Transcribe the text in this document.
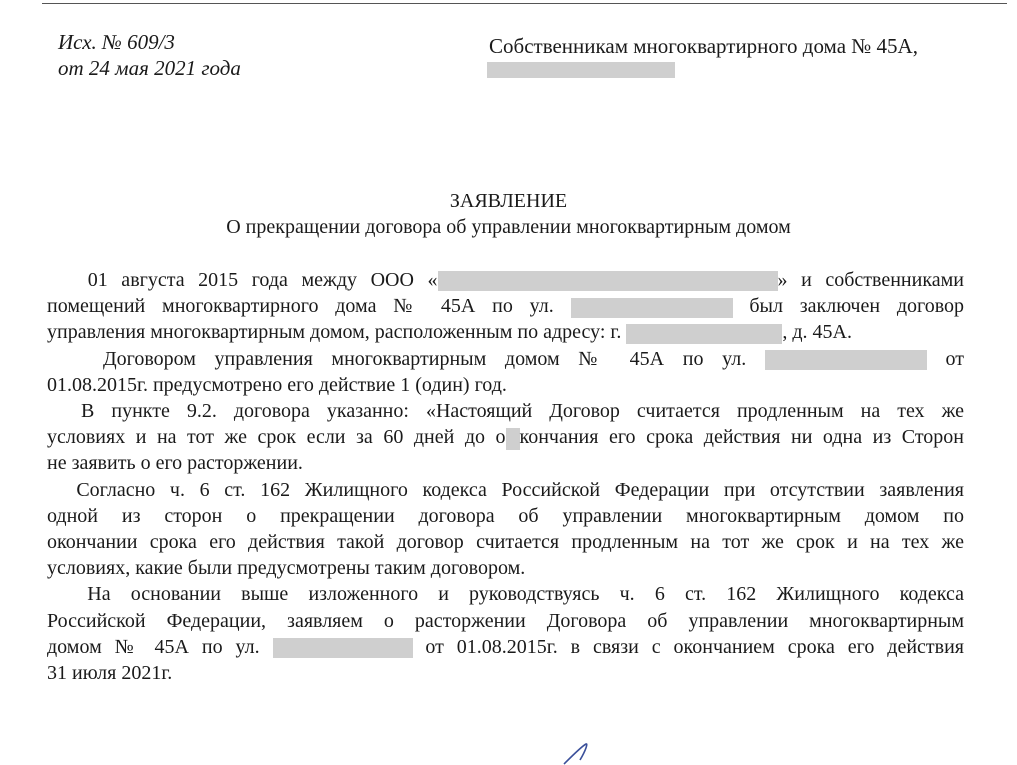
Исх. № 609/3
от 24 мая 2021 года
Собственникам многоквартирного дома № 45А,
ЗАЯВЛЕНИЕ
О прекращении договора об управлении многоквартирным домом

01 августа 2015 года между ООО «	» и собственниками

помещений многоквартирного дома № 45А по ул.	был заключен договор

управления многоквартирным домом, расположенным по адресу: г.	, д. 45А.

Договором управления многоквартирным домом № 45А по ул.	от

01.08.2015г. предусмотрено его действие 1 (один) год.

В пункте 9.2. договора указанно: «Настоящий Договор считается продленным на тех же

условиях и на тот же срок если за 60 дней до о кончания его срока действия ни одна из Сторон

не заявить о его расторжении.

Согласно ч. 6 ст. 162 Жилищного кодекса Российской Федерации при отсутствии заявления

одной из сторон о прекращении договора об управлении многоквартирным домом по

окончании срока его действия такой договор считается продленным на тот же срок и на тех же

условиях, какие были предусмотрены таким договором.

На основании выше изложенного и руководствуясь ч. 6 ст. 162 Жилищного кодекса

Российской Федерации, заявляем о расторжении Договора об управлении многоквартирным

домом № 45А по ул.	от 01.08.2015г. в связи с окончанием срока его действия

31 июля 2021г.
